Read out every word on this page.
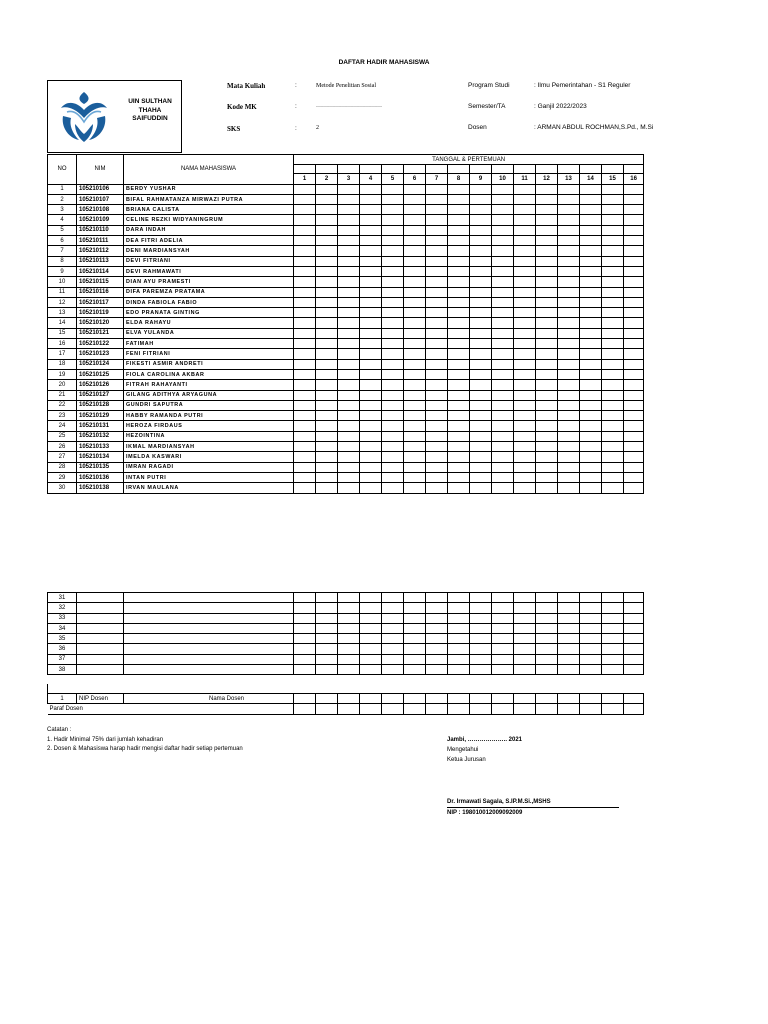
DAFTAR HADIR MAHASISWA
UIN SULTHAN
THAHA
SAIFUDDIN
Mata Kuliah	:	Metode Penelitian Sosial
Kode MK	:	……………………………
SKS	:	2
Program Studi	: Ilmu Pemerintahan - S1 Reguler
Semester/TA	: Ganjil 2022/2023
Dosen	: ARMAN ABDUL ROCHMAN,S.Pd., M.Si
NO	NIM	NAMA MAHASISWA	TANGGAL & PERTEMUAN															

			1	2	3	4	5	6	7	8	9	10	11	12	13	14	15	16
1	105210106	BERDY YUSHAR																
2	105210107	BIFAL RAHMATANZA MIRWAZI PUTRA																
3	105210108	BRIANA CALISTA																
4	105210109	CELINE REZKI WIDYANINGRUM																
5	105210110	DARA INDAH																
6	105210111	DEA FITRI ADELIA																
7	105210112	DENI MARDIANSYAH																
8	105210113	DEVI FITRIANI																
9	105210114	DEVI RAHMAWATI																
10	105210115	DIAN AYU PRAMESTI																
11	105210116	DIFA PAREMZA PRATAMA																
12	105210117	DINDA FABIOLA FABIO																
13	105210119	EDO PRANATA GINTING																
14	105210120	ELDA RAHAYU																
15	105210121	ELVA YULANDA																
16	105210122	FATIMAH																
17	105210123	FENI FITRIANI																
18	105210124	FIKESTI ASMIR ANDRETI																
19	105210125	FIOLA CAROLINA AKBAR																
20	105210126	FITRAH RAHAYANTI																
21	105210127	GILANG ADITHYA ARYAGUNA																
22	105210128	GUNDRI SAPUTRA																
23	105210129	HABBY RAMANDA PUTRI																
24	105210131	HEROZA FIRDAUS																
25	105210132	HEZOINTINA																
26	105210133	IKMAL MARDIANSYAH																
27	105210134	IMELDA KASWARI																
28	105210135	IMRAN RAGADI																
29	105210136	INTAN PUTRI																
30	105210138	IRVAN MAULANA																
31																		
32																		
33																		
34																		
35																		
36																		
37																		
38																		

1	NIP Dosen	Nama Dosen																
Paraf Dosen																		
Catatan :
1. Hadir Minimal 75% dari jumlah kehadiran
2. Dosen & Mahasiswa harap hadir mengisi daftar hadir setiap pertemuan
Jambi, ……………….. 2021
Mengetahui
Ketua Jurusan
Dr. Irmawati Sagala, S.IP.M.Si.,MSHS
NIP : 198010012009092009
